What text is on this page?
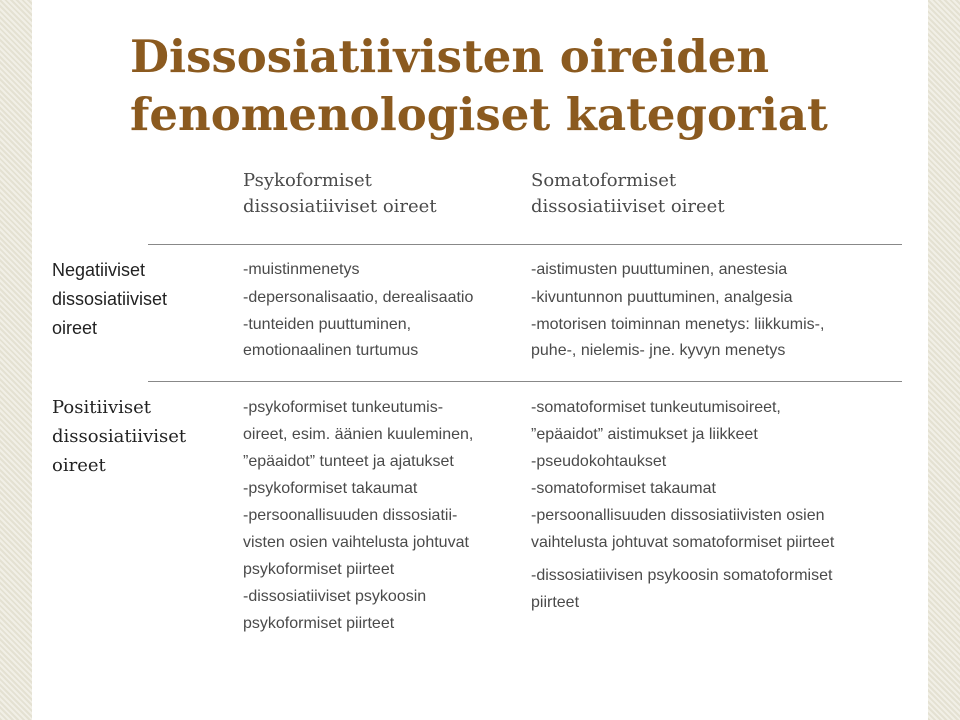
Dissosiatiivisten oireiden
fenomenologiset kategoriat
Psykoformiset
dissosiatiiviset oireet
Somatoformiset
dissosiatiiviset oireet
Negatiiviset
dissosiatiiviset
oireet
-muistinmenetys
-depersonalisaatio, derealisaatio
-tunteiden puuttuminen,
emotionaalinen turtumus
-aistimusten puuttuminen, anestesia
-kivuntunnon puuttuminen, analgesia
-motorisen toiminnan menetys: liikkumis-,
puhe-, nielemis- jne. kyvyn menetys
Positiiviset
dissosiatiiviset
oireet
-psykoformiset tunkeutumis-
oireet, esim. äänien kuuleminen,
”epäaidot” tunteet ja ajatukset
-psykoformiset takaumat
-persoonallisuuden dissosiatii-
visten osien vaihtelusta johtuvat
psykoformiset piirteet
-dissosiatiiviset psykoosin
psykoformiset piirteet
-somatoformiset tunkeutumisoireet,
”epäaidot” aistimukset ja liikkeet
-pseudokohtaukset
-somatoformiset takaumat
-persoonallisuuden dissosiatiivisten osien
vaihtelusta johtuvat somatoformiset piirteet
-dissosiatiivisen psykoosin somatoformiset
piirteet
